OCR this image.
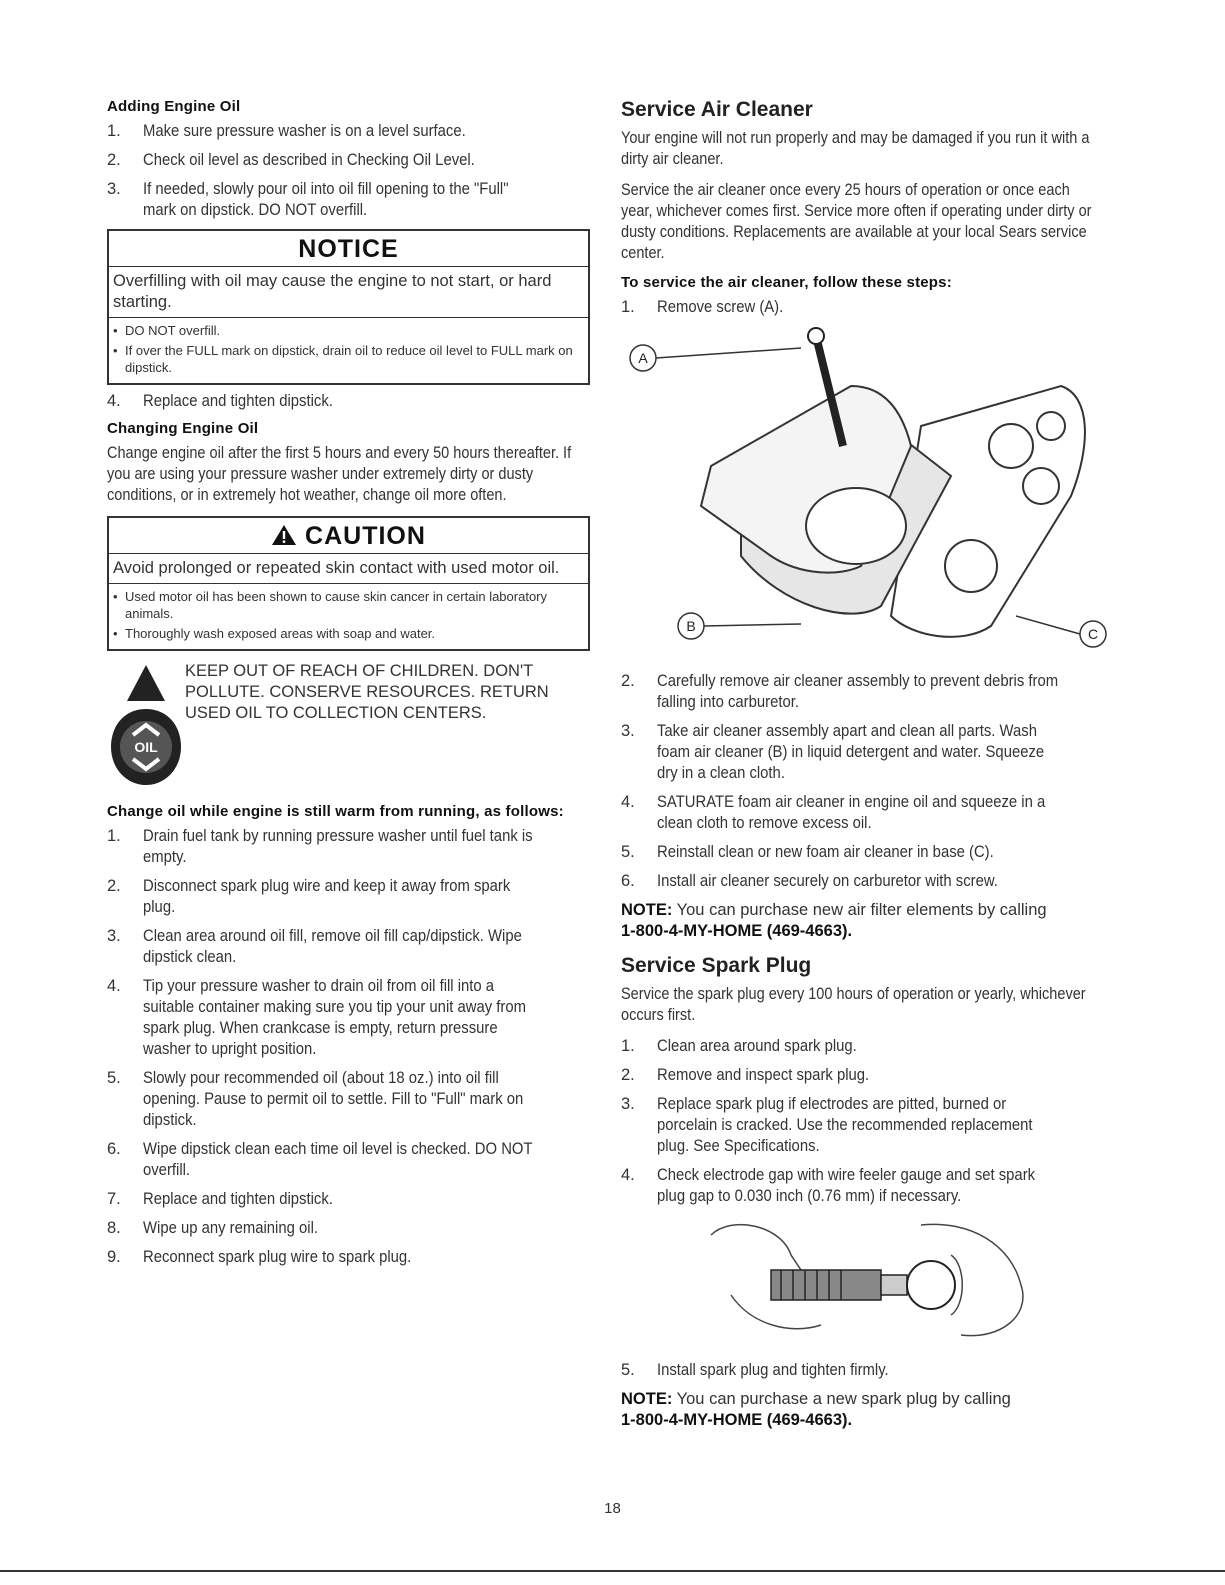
Adding Engine Oil
1.	Make sure pressure washer is on a level surface.
2.	Check oil level as described in Checking Oil Level.
3.	If needed, slowly pour oil into oil fill opening to the "Full" mark on dipstick. DO NOT overfill.
NOTICE
Overfilling with oil may cause the engine to not start, or hard starting.
• DO NOT overfill.
• If over the FULL mark on dipstick, drain oil to reduce oil level to FULL mark on dipstick.
4.	Replace and tighten dipstick.
Changing Engine Oil

Change engine oil after the first 5 hours and every 50 hours thereafter. If you are using your pressure washer under extremely dirty or dusty conditions, or in extremely hot weather, change oil more often.

CAUTION
Avoid prolonged or repeated skin contact with used motor oil.
• Used motor oil has been shown to cause skin cancer in certain laboratory animals.
• Thoroughly wash exposed areas with soap and water.
OIL
KEEP OUT OF REACH OF CHILDREN. DON'T POLLUTE. CONSERVE RESOURCES. RETURN USED OIL TO COLLECTION CENTERS.
Change oil while engine is still warm from running, as follows:
1.	Drain fuel tank by running pressure washer until fuel tank is empty.
2.	Disconnect spark plug wire and keep it away from spark plug.
3.	Clean area around oil fill, remove oil fill cap/dipstick. Wipe dipstick clean.
4.	Tip your pressure washer to drain oil from oil fill into a suitable container making sure you tip your unit away from spark plug. When crankcase is empty, return pressure washer to upright position.
5.	Slowly pour recommended oil (about 18 oz.) into oil fill opening. Pause to permit oil to settle. Fill to "Full" mark on dipstick.
6.	Wipe dipstick clean each time oil level is checked. DO NOT overfill.
7.	Replace and tighten dipstick.
8.	Wipe up any remaining oil.
9.	Reconnect spark plug wire to spark plug.
Service Air Cleaner

Your engine will not run properly and may be damaged if you run it with a dirty air cleaner.

Service the air cleaner once every 25 hours of operation or once each year, whichever comes first. Service more often if operating under dirty or dusty conditions. Replacements are available at your local Sears service center.

To service the air cleaner, follow these steps:
1.	Remove screw (A).
A
B	C
2.	Carefully remove air cleaner assembly to prevent debris from falling into carburetor.
3.	Take air cleaner assembly apart and clean all parts. Wash foam air cleaner (B) in liquid detergent and water. Squeeze dry in a clean cloth.
4.	SATURATE foam air cleaner in engine oil and squeeze in a clean cloth to remove excess oil.
5.	Reinstall clean or new foam air cleaner in base (C).
6.	Install air cleaner securely on carburetor with screw.
NOTE: You can purchase new air filter elements by calling
1-800-4-MY-HOME (469-4663).
Service Spark Plug

Service the spark plug every 100 hours of operation or yearly, whichever occurs first.

1.	Clean area around spark plug.
2.	Remove and inspect spark plug.
3.	Replace spark plug if electrodes are pitted, burned or porcelain is cracked. Use the recommended replacement plug. See Specifications.
4.	Check electrode gap with wire feeler gauge and set spark plug gap to 0.030 inch (0.76 mm) if necessary.
5.	Install spark plug and tighten firmly.
NOTE: You can purchase a new spark plug by calling
1-800-4-MY-HOME (469-4663).
18
